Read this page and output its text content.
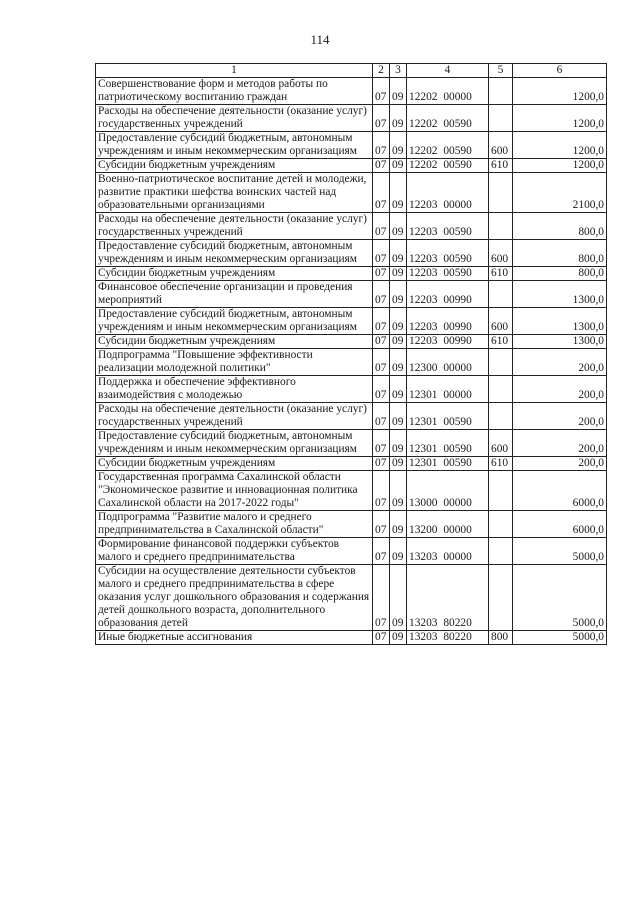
114
1	2	3	4	5	6
Совершенствование форм и методов работы по патриотическому воспитанию граждан	07	09	12202 00000		1200,0
Расходы на обеспечение деятельности (оказание услуг) государственных учреждений	07	09	12202 00590		1200,0
Предоставление субсидий бюджетным, автономным учреждениям и иным некоммерческим организациям	07	09	12202 00590	600	1200,0
Субсидии бюджетным учреждениям	07	09	12202 00590	610	1200,0
Военно-патриотическое воспитание детей и молодежи, развитие практики шефства воинских частей над образовательными организациями	07	09	12203 00000		2100,0
Расходы на обеспечение деятельности (оказание услуг) государственных учреждений	07	09	12203 00590		800,0
Предоставление субсидий бюджетным, автономным учреждениям и иным некоммерческим организациям	07	09	12203 00590	600	800,0
Субсидии бюджетным учреждениям	07	09	12203 00590	610	800,0
Финансовое обеспечение организации и проведения мероприятий	07	09	12203 00990		1300,0
Предоставление субсидий бюджетным, автономным учреждениям и иным некоммерческим организациям	07	09	12203 00990	600	1300,0
Субсидии бюджетным учреждениям	07	09	12203 00990	610	1300,0
Подпрограмма "Повышение эффективности реализации молодежной политики"	07	09	12300 00000		200,0
Поддержка и обеспечение эффективного взаимодействия с молодежью	07	09	12301 00000		200,0
Расходы на обеспечение деятельности (оказание услуг) государственных учреждений	07	09	12301 00590		200,0
Предоставление субсидий бюджетным, автономным учреждениям и иным некоммерческим организациям	07	09	12301 00590	600	200,0
Субсидии бюджетным учреждениям	07	09	12301 00590	610	200,0
Государственная программа Сахалинской области "Экономическое развитие и инновационная политика Сахалинской области на 2017-2022 годы"	07	09	13000 00000		6000,0
Подпрограмма "Развитие малого и среднего предпринимательства в Сахалинской области"	07	09	13200 00000		6000,0
Формирование финансовой поддержки субъектов малого и среднего предпринимательства	07	09	13203 00000		5000,0
Субсидии на осуществление деятельности субъектов малого и среднего предпринимательства в сфере оказания услуг дошкольного образования и содержания детей дошкольного возраста, дополнительного образования детей	07	09	13203 80220		5000,0
Иные бюджетные ассигнования	07	09	13203 80220	800	5000,0
